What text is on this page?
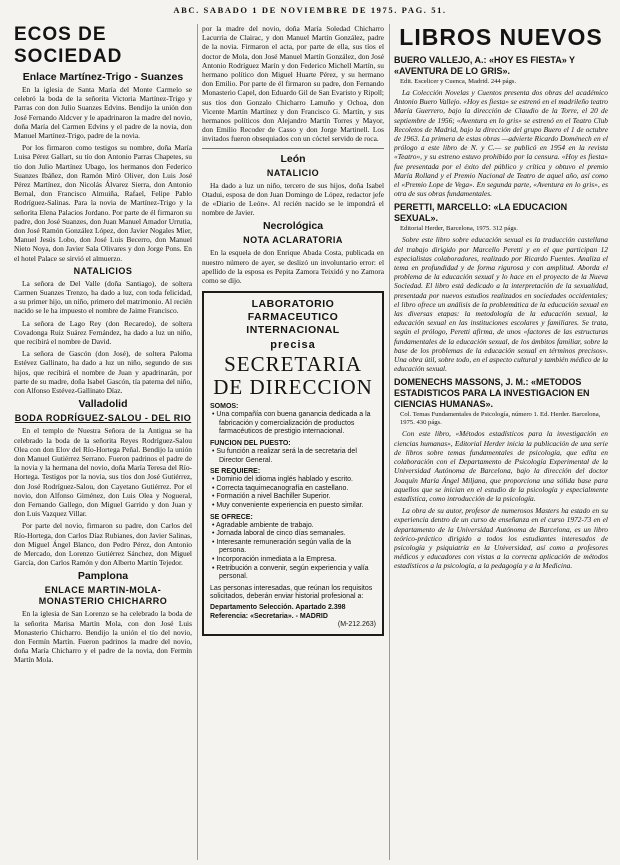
ABC. SABADO 1 DE NOVIEMBRE DE 1975. PAG. 51.
ECOS DE SOCIEDAD
Enlace Martínez-Trigo - Suanzes

En la iglesia de Santa María del Monte Carmelo se celebró la boda de la señorita Victoria Martínez-Trigo y Parras con don Julio Suanzes Edvins. Bendijo la unión don José Fernando Aldcver y le apadrinaron la madre del novio, doña María del Carmen Edvins y el padre de la novia, don Manuel Martínez-Trigo, padre de la novia.

Por los firmaron como testigos su nombre, doña María Luisa Pérez Gallart, su tío don Antonio Parras Chapetes, su tío don Julio Martínez Ubago, los hermanos don Federico Suanzes Ibáñez, don Ramón Miró Oliver, don Luis José Pérez Martínez, don Nicolás Álvarez Sierra, don Antonio Bernal, don Francisco Almuiña, Rafael, Felipe Pablo Rodríguez-Salinas. Para la novia de Martínez-Trigo y la señorita Elena Palacios Jordano. Por parte de él firmaron su padre, don José Suanzes, don Juan Manuel Amador Urrutia, don José Ramón González López, don Javier Nogales Mier, Manuel Jesús Lobo, don José Luis Becerro, don Manuel Nieto Noya, don Javier Sala Olivares y don Jorge Pons. En el hotel Palace se sirvió el almuerzo.

NATALICIOS

La señora de Del Valle (doña Santiago), de soltera Carmen Suanzes Trenzo, ha dado a luz, con toda felicidad, a su primer hijo, un niño, primero del matrimonio. Al recién nacido se le ha impuesto el nombre de Jaime Francisco.

La señora de Lago Rey (don Recaredo), de soltera Covadonga Ruiz Suárez Fernández, ha dado a luz un niño, que recibirá el nombre de David.

La señora de Gascón (don José), de soltera Paloma Estévez Gallinato, ha dado a luz un niño, segundo de sus hijos, que recibirá el nombre de Juan y apadrinarán, por parte de su madre, doña Isabel Gascón, tía paterna del niño, con Alfonso Estévez-Gallinato Díaz.

Valladolid
BODA RODRÍGUEZ-SALOU - DEL RIO

En el templo de Nuestra Señora de la Antigua se ha celebrado la boda de la señorita Reyes Rodríguez-Salou Olea con don Elov del Río-Hortega Peñal. Bendijo la unión don Manuel Gutiérrez Serrano. Fueron padrinos el padre de la novia y la hermana del novio, doña María Teresa del Río-Hortega. Testigos por la novia, sus tíos don José Gutiérrez, don José Rodríguez-Salou, don Cayetano Gutiérrez. Por el novio, don Alfonso Giménez, don Luis Olea y Nogueral, don Fernando Gallego, don Miguel Garrido y don Juan y don Luis Vazquez Villar.

Por parte del novio, firmaron su padre, don Carlos del Río-Hortega, don Carlos Díaz Rubianes, don Javier Salinas, don Miguel Ángel Blanco, don Pedro Pérez, don Antonio de Mercado, don Lorenzo Gutiérrez Sánchez, don Miguel García, don Carlos Ramón y don Alberto Martín Tejedor.

Pamplona
ENLACE MARTIN-MOLA-MONASTERIO CHICHARRO

En la iglesia de San Lorenzo se ha celebrado la boda de la señorita Marisa Martín Mola, con don José Luis Monasterio Chicharro. Bendijo la unión el tío del novio, don Fermín Martín. Fueron padrinos la madre del novio, doña María Chicharro y el padre de la novia, don Fermín Martín Mola.

por la madre del novio, doña María Soledad Chicharro Lacurria de Clairac, y don Manuel Martín González, padre de la novia. Firmaron el acta, por parte de ella, sus tíos el doctor de Mola, don José Manuel Martín González, don José Antonio Rodríguez Marín y don Federico Michell Martín, su hermano político don Miguel Huarte Pérez, y su hermano don Emilio. Por parte de él firmaron su padre, don Fernando Monasterio Capel, don Eduardo Gil de San Evaristo y Ripoll; sus tíos don Gonzalo Chicharro Lamuño y Ochoa, don Vicente Martín Martínez y don Francisco G. Martín, y sus hermanos políticos don Alejandro Martín Torres y Mayor, don Emilio Recoder de Casso y don Jorge Martinell. Los invitados fueron obsequiados con un cóctel servido de roca.

León
NATALICIO

Ha dado a luz un niño, tercero de sus hijos, doña Isabel Otadui, esposa de don Juan Domingo de López, redactor jefe de «Diario de León». Al recién nacido se le impondrá el nombre de Javier.

Necrológica
NOTA ACLARATORIA

En la esquela de don Enrique Abada Costa, publicada en nuestro número de ayer, se deslizó un involuntario error: el apellido de la esposa es Pepita Zamora Teixidó y no Zamora como se dijo.

LABORATORIO FARMACEUTICO INTERNACIONAL
precisa
SECRETARIA DE DIRECCION
SOMOS:

• Una compañía con buena ganancia dedicada a la fabricación y comercialización de productos farmacéuticos de prestigio internacional.

FUNCION DEL PUESTO:

• Su función a realizar será la de secretaria del Director General.

SE REQUIERE:

• Dominio del idioma inglés hablado y escrito.

• Correcta taquimecanografía en castellano.

• Formación a nivel Bachiller Superior.

• Muy conveniente experiencia en puesto similar.

SE OFRECE:

• Agradable ambiente de trabajo.

• Jornada laboral de cinco días semanales.

• Interesante remuneración según valía de la persona.

• Incorporación inmediata a la Empresa.

• Retribución a convenir, según experiencia y valía personal.

Las personas interesadas, que reúnan los requisitos solicitados, deberán enviar historial profesional a:
Departamento Selección. Apartado 2.398
Referencia: «Secretaria». - MADRID
(M-212.263)
LIBROS NUEVOS
BUERO VALLEJO, A.: «HOY ES FIESTA» Y «AVENTURA DE LO GRIS».
Edit. Escelicer y Cuenca, Madrid. 244 págs.

La Colección Novelas y Cuentos presenta dos obras del académico Antonio Buero Vallejo. «Hoy es fiesta» se estrenó en el madrileño teatro María Guerrero, bajo la dirección de Claudio de la Torre, el 20 de septiembre de 1956; «Aventura en lo gris» se estrenó en el Teatro Club Recoletos de Madrid, bajo la dirección del grupo Buero el 1 de octubre de 1963. La primera de estas obras —advierte Ricardo Doménech en el prólogo a este libro de N. y C.— se publicó en 1954 en la revista «Teatro», y su estreno estuvo prohibido por la censura. «Hoy es fiesta» fue presentada por el éxito del público y crítica y obtuvo el premio María Rolland y el Premio Nacional de Teatro de aquel año, así como el «Premio Lope de Vega». En segunda parte, «Aventura en lo gris», es otra de sus obras fundamentales.

PERETTI, MARCELLO: «LA EDUCACION SEXUAL».
Editorial Herder, Barcelona, 1975. 312 págs.

Sobre este libro sobre educación sexual es la traducción castellana del trabajo dirigido por Marcello Peretti y en el que participan 12 especialistas colaboradores, realizado por Ricardo Fuentes. Analiza el tema en profundidad y de forma rigurosa y con amplitud. Aborda el problema de la educación sexual y lo hace en el proyecto de la Nueva Sociedad. El libro está dedicado a la interpretación de la sexualidad, presentada por nuevos estudios realizados en sociedades occidentales; el libro ofrece un análisis de la problemática de la educación sexual en las diversas etapas: la metodología de la educación sexual, la educación sexual en las instituciones escolares y familiares. Se trata, según el prólogo, Peretti afirma, de unos «factores de las estructuras fundamentales de la educación sexual, de los ámbitos familiar, sobre la base de los problemas de la educación sexual en términos precisos». Una obra útil, sobre todo, en el aspecto cultural y también médico de la educación sexual.

DOMENECHS MASSONS, J. M.: «METODOS ESTADISTICOS PARA LA INVESTIGACION EN CIENCIAS HUMANAS».
Col. Temas Fundamentales de Psicología, número 1. Ed. Herder. Barcelona, 1975. 430 págs.

Con este libro, «Métodos estadísticos para la investigación en ciencias humanas», Editorial Herder inicia la publicación de una serie de libros sobre temas fundamentales de psicología, que edita en colaboración con el Departamento de Psicología Experimental de la Universidad Autónoma de Barcelona, bajo la dirección del doctor Joaquín María Ángel Miljana, que proporciona una sólida base para aquellos que se inician en el estudio de la psicología y especialmente estadística, como introducción de la psicología.

La obra de su autor, profesor de numerosos Masters ha estado en su experiencia dentro de un curso de enseñanza en el curso 1972-73 en el departamento de la Universidad Autónoma de Barcelona, es un libro teórico-práctico dirigido a todos los estudiantes interesados de psicología y psiquiatría en la Universidad, así como a profesores médicos y educadores con vistas a la correcta aplicación de métodos estadísticos a la psicología, a la pedagogía y a la Medicina.
